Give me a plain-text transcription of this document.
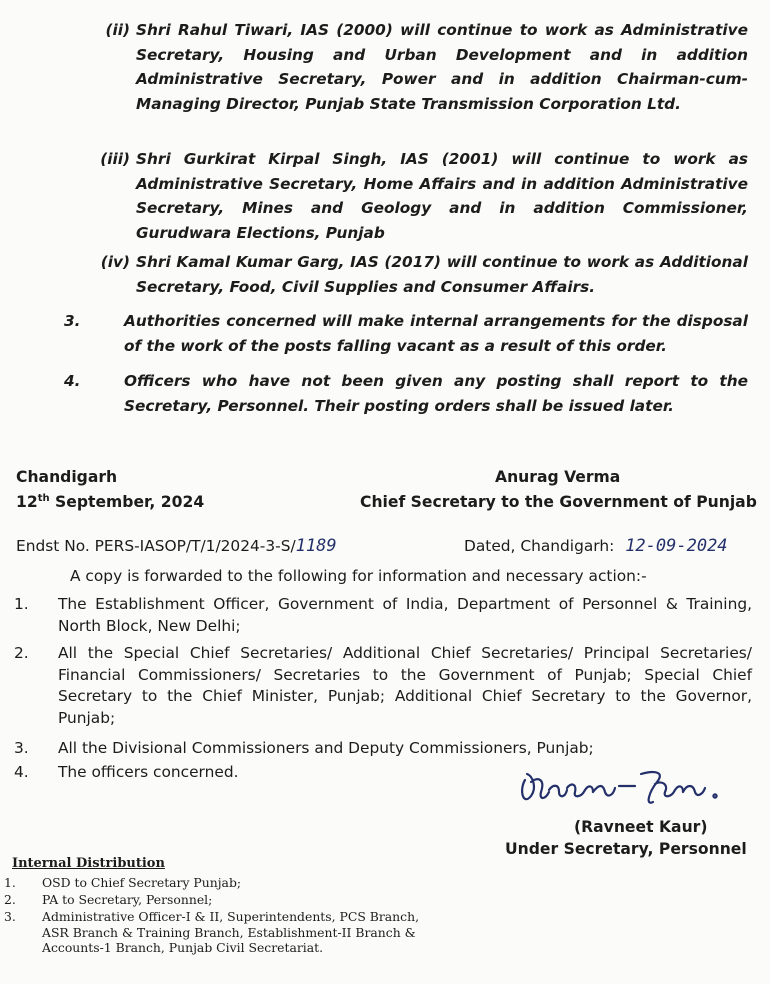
(ii) Shri Rahul Tiwari, IAS (2000) will continue to work as Administrative Secretary, Housing and Urban Development and in addition Administrative Secretary, Power and in addition Chairman-cum-Managing Director, Punjab State Transmission Corporation Ltd.
(iii) Shri Gurkirat Kirpal Singh, IAS (2001) will continue to work as Administrative Secretary, Home Affairs and in addition Administrative Secretary, Mines and Geology and in addition Commissioner, Gurudwara Elections, Punjab
(iv) Shri Kamal Kumar Garg, IAS (2017) will continue to work as Additional Secretary, Food, Civil Supplies and Consumer Affairs.
3.	Authorities concerned will make internal arrangements for the disposal of the work of the posts falling vacant as a result of this order.
4.	Officers who have not been given any posting shall report to the Secretary, Personnel. Their posting orders shall be issued later.
Chandigarh
12th September, 2024
Anurag Verma
Chief Secretary to the Government of Punjab
Endst No. PERS-IASOP/T/1/2024-3-S/1189	Dated, Chandigarh: 12-09-2024
A copy is forwarded to the following for information and necessary action:-
1.	The Establishment Officer, Government of India, Department of Personnel & Training, North Block, New Delhi;
2.	All the Special Chief Secretaries/ Additional Chief Secretaries/ Principal Secretaries/ Financial Commissioners/ Secretaries to the Government of Punjab; Special Chief Secretary to the Chief Minister, Punjab; Additional Chief Secretary to the Governor, Punjab;
3.	All the Divisional Commissioners and Deputy Commissioners, Punjab;
4.	The officers concerned.
(Ravneet Kaur)
Under Secretary, Personnel
Internal Distribution
1.	OSD to Chief Secretary Punjab;
2.	PA to Secretary, Personnel;
3.	Administrative Officer-I & II, Superintendents, PCS Branch, ASR Branch & Training Branch, Establishment-II Branch & Accounts-1 Branch, Punjab Civil Secretariat.
